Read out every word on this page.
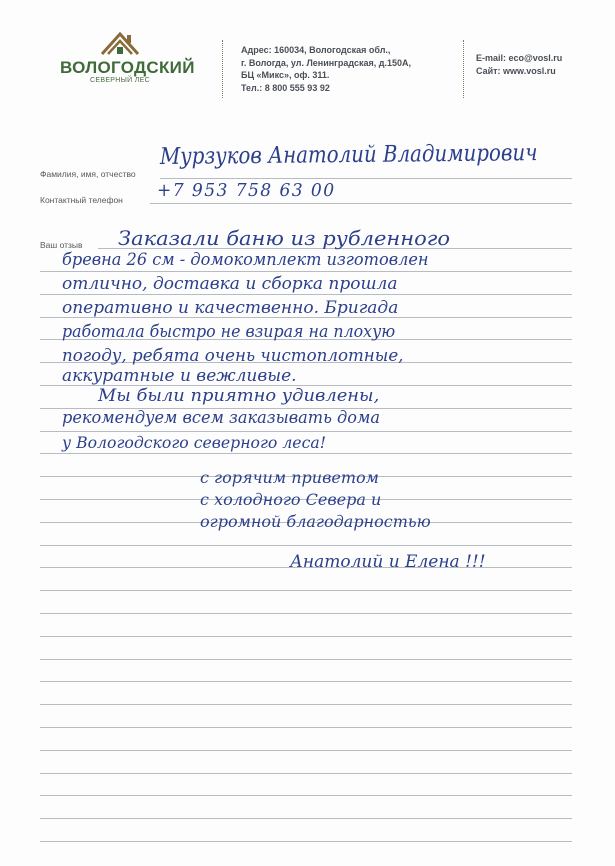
ВОЛОГОДСКИЙ
СЕВЕРНЫЙ ЛЕС
Адрес: 160034, Вологодская обл.,
г. Вологда, ул. Ленинградская, д.150А,
БЦ «Микс», оф. 311.
Тел.: 8 800 555 93 92
E-mail: eco@vosl.ru
Сайт: www.vosl.ru
Фамилия, имя, отчество
Контактный телефон
Ваш отзыв
Мурзуков Анатолий Владимирович
+7 953 758 63 00
Заказали баню из рубленного
бревна 26 см - домокомплект изготовлен
отлично, доставка и сборка прошла
оперативно и качественно. Бригада
работала быстро не взирая на плохую
погоду, ребята очень чистоплотные,
аккуратные и вежливые.
Мы были приятно удивлены,
рекомендуем всем заказывать дома
у Вологодского северного леса!
с горячим приветом
с холодного Севера и
огромной благодарностью
Анатолий и Елена !!!
